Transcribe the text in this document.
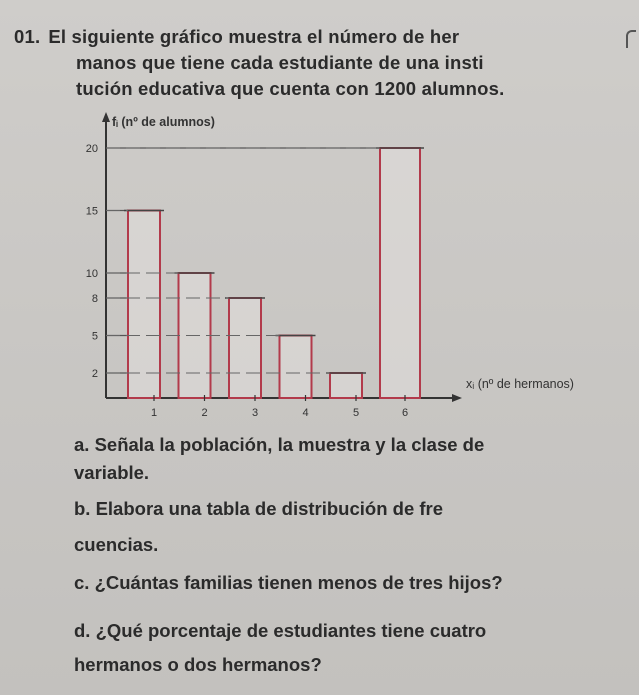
01. El siguiente gráfico muestra el número de her
manos que tiene cada estudiante de una insti
tución educativa que cuenta con 1200 alumnos.
fᵢ (nº de alumnos)
xᵢ (nº de hermanos)
2
5
8
10
15
20
1	2	3	4	5	6
a. Señala la población, la muestra y la clase de
variable.
b. Elabora una tabla de distribución de fre
cuencias.
c. ¿Cuántas familias tienen menos de tres hijos?
d. ¿Qué porcentaje de estudiantes tiene cuatro
hermanos o dos hermanos?
